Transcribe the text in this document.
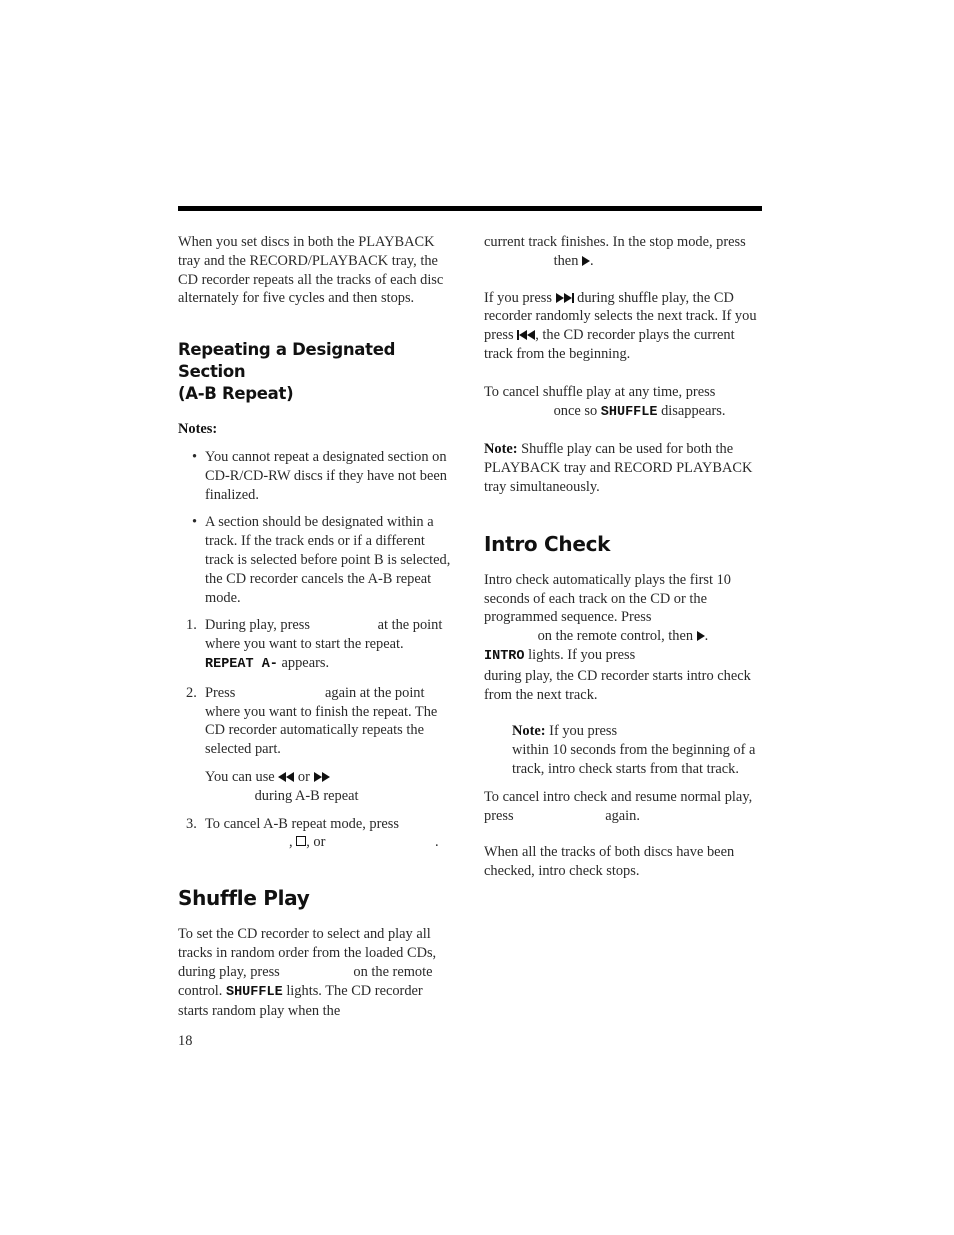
When you set discs in both the PLAYBACK tray and the RECORD/PLAYBACK tray, the CD recorder repeats all the tracks of each disc alternately for five cycles and then stops.

Repeating a Designated Section
(A-B Repeat)

Notes:

• You cannot repeat a designated section on CD-R/CD-RW discs if they have not been finalized.

• A section should be designated within a track. If the track ends or if a different track is selected before point B is selected, the CD recorder cancels the A-B repeat mode.

1. During play, press	at the point where you want to start the repeat. REPEAT A- appears.

2. Press	again at the point where you want to finish the repeat. The CD recorder automatically repeats the selected part.

You can use or
during A-B repeat

3. To cancel A-B repeat mode, press
, , or	.

Shuffle Play

To set the CD recorder to select and play all tracks in random order from the loaded CDs, during play, press	on the remote control. SHUFFLE lights. The CD recorder starts random play when the

current track finishes. In the stop mode, press then .

If you press during shuffle play, the CD recorder randomly selects the next track. If you press , the CD recorder plays the current track from the beginning.

To cancel shuffle play at any time, press
once so SHUFFLE disappears.

Note: Shuffle play can be used for both the PLAYBACK tray and RECORD PLAYBACK tray simultaneously.

Intro Check

Intro check automatically plays the first 10 seconds of each track on the CD or the programmed sequence. Press
on the remote control, then .
INTRO lights. If you press
during play, the CD recorder starts intro check from the next track.

Note: If you press
within 10 seconds from the beginning of a track, intro check starts from that track.

To cancel intro check and resume normal play, press	again.

When all the tracks of both discs have been checked, intro check stops.

18
